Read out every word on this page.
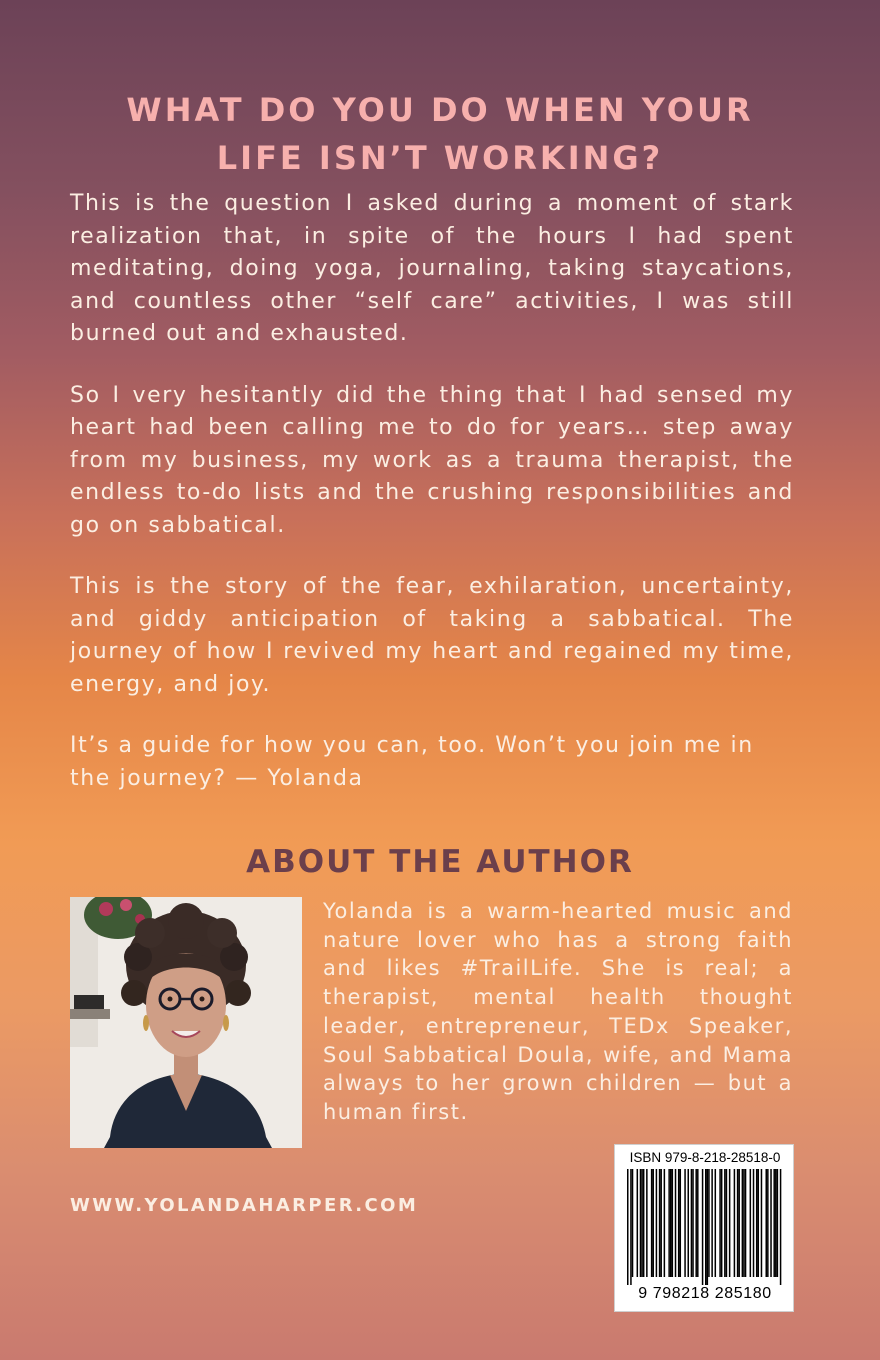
WHAT DO YOU DO WHEN YOUR
LIFE ISN’T WORKING?

This is the question I asked during a moment of stark realization that, in spite of the hours I had spent meditating, doing yoga, journaling, taking staycations, and countless other “self care” activities, I was still burned out and exhausted.

So I very hesitantly did the thing that I had sensed my heart had been calling me to do for years… step away from my business, my work as a trauma therapist, the endless to-do lists and the crushing responsibilities and go on sabbatical.

This is the story of the fear, exhilaration, uncertainty, and giddy anticipation of taking a sabbatical. The journey of how I revived my heart and regained my time, energy, and joy.

It’s a guide for how you can, too. Won’t you join me in the journey? — Yolanda

ABOUT THE AUTHOR

Yolanda is a warm-hearted music and nature lover who has a strong faith and likes #TrailLife. She is real; a therapist, mental health thought leader, entrepreneur, TEDx Speaker, Soul Sabbatical Doula, wife, and Mama always to her grown children — but a human first.

WWW.YOLANDAHARPER.COM

ISBN 979-8-218-28518-0
9 798218 285180
